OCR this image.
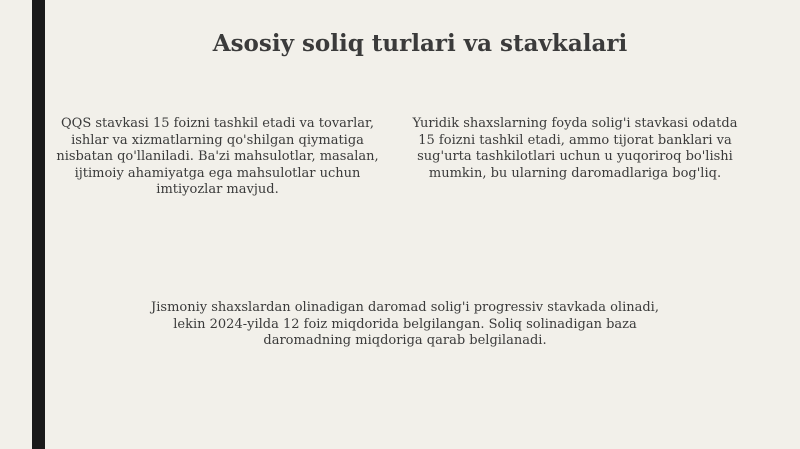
Asosiy soliq turlari va stavkalari

QQS stavkasi 15 foizni tashkil etadi va tovarlar, ishlar va xizmatlarning qo'shilgan qiymatiga nisbatan qo'llaniladi. Ba'zi mahsulotlar, masalan, ijtimoiy ahamiyatga ega mahsulotlar uchun imtiyozlar mavjud.

Yuridik shaxslarning foyda solig'i stavkasi odatda 15 foizni tashkil etadi, ammo tijorat banklari va sug'urta tashkilotlari uchun u yuqoriroq bo'lishi mumkin, bu ularning daromadlariga bog'liq.

Jismoniy shaxslardan olinadigan daromad solig'i progressiv stavkada olinadi, lekin 2024-yilda 12 foiz miqdorida belgilangan. Soliq solinadigan baza daromadning miqdoriga qarab belgilanadi.
